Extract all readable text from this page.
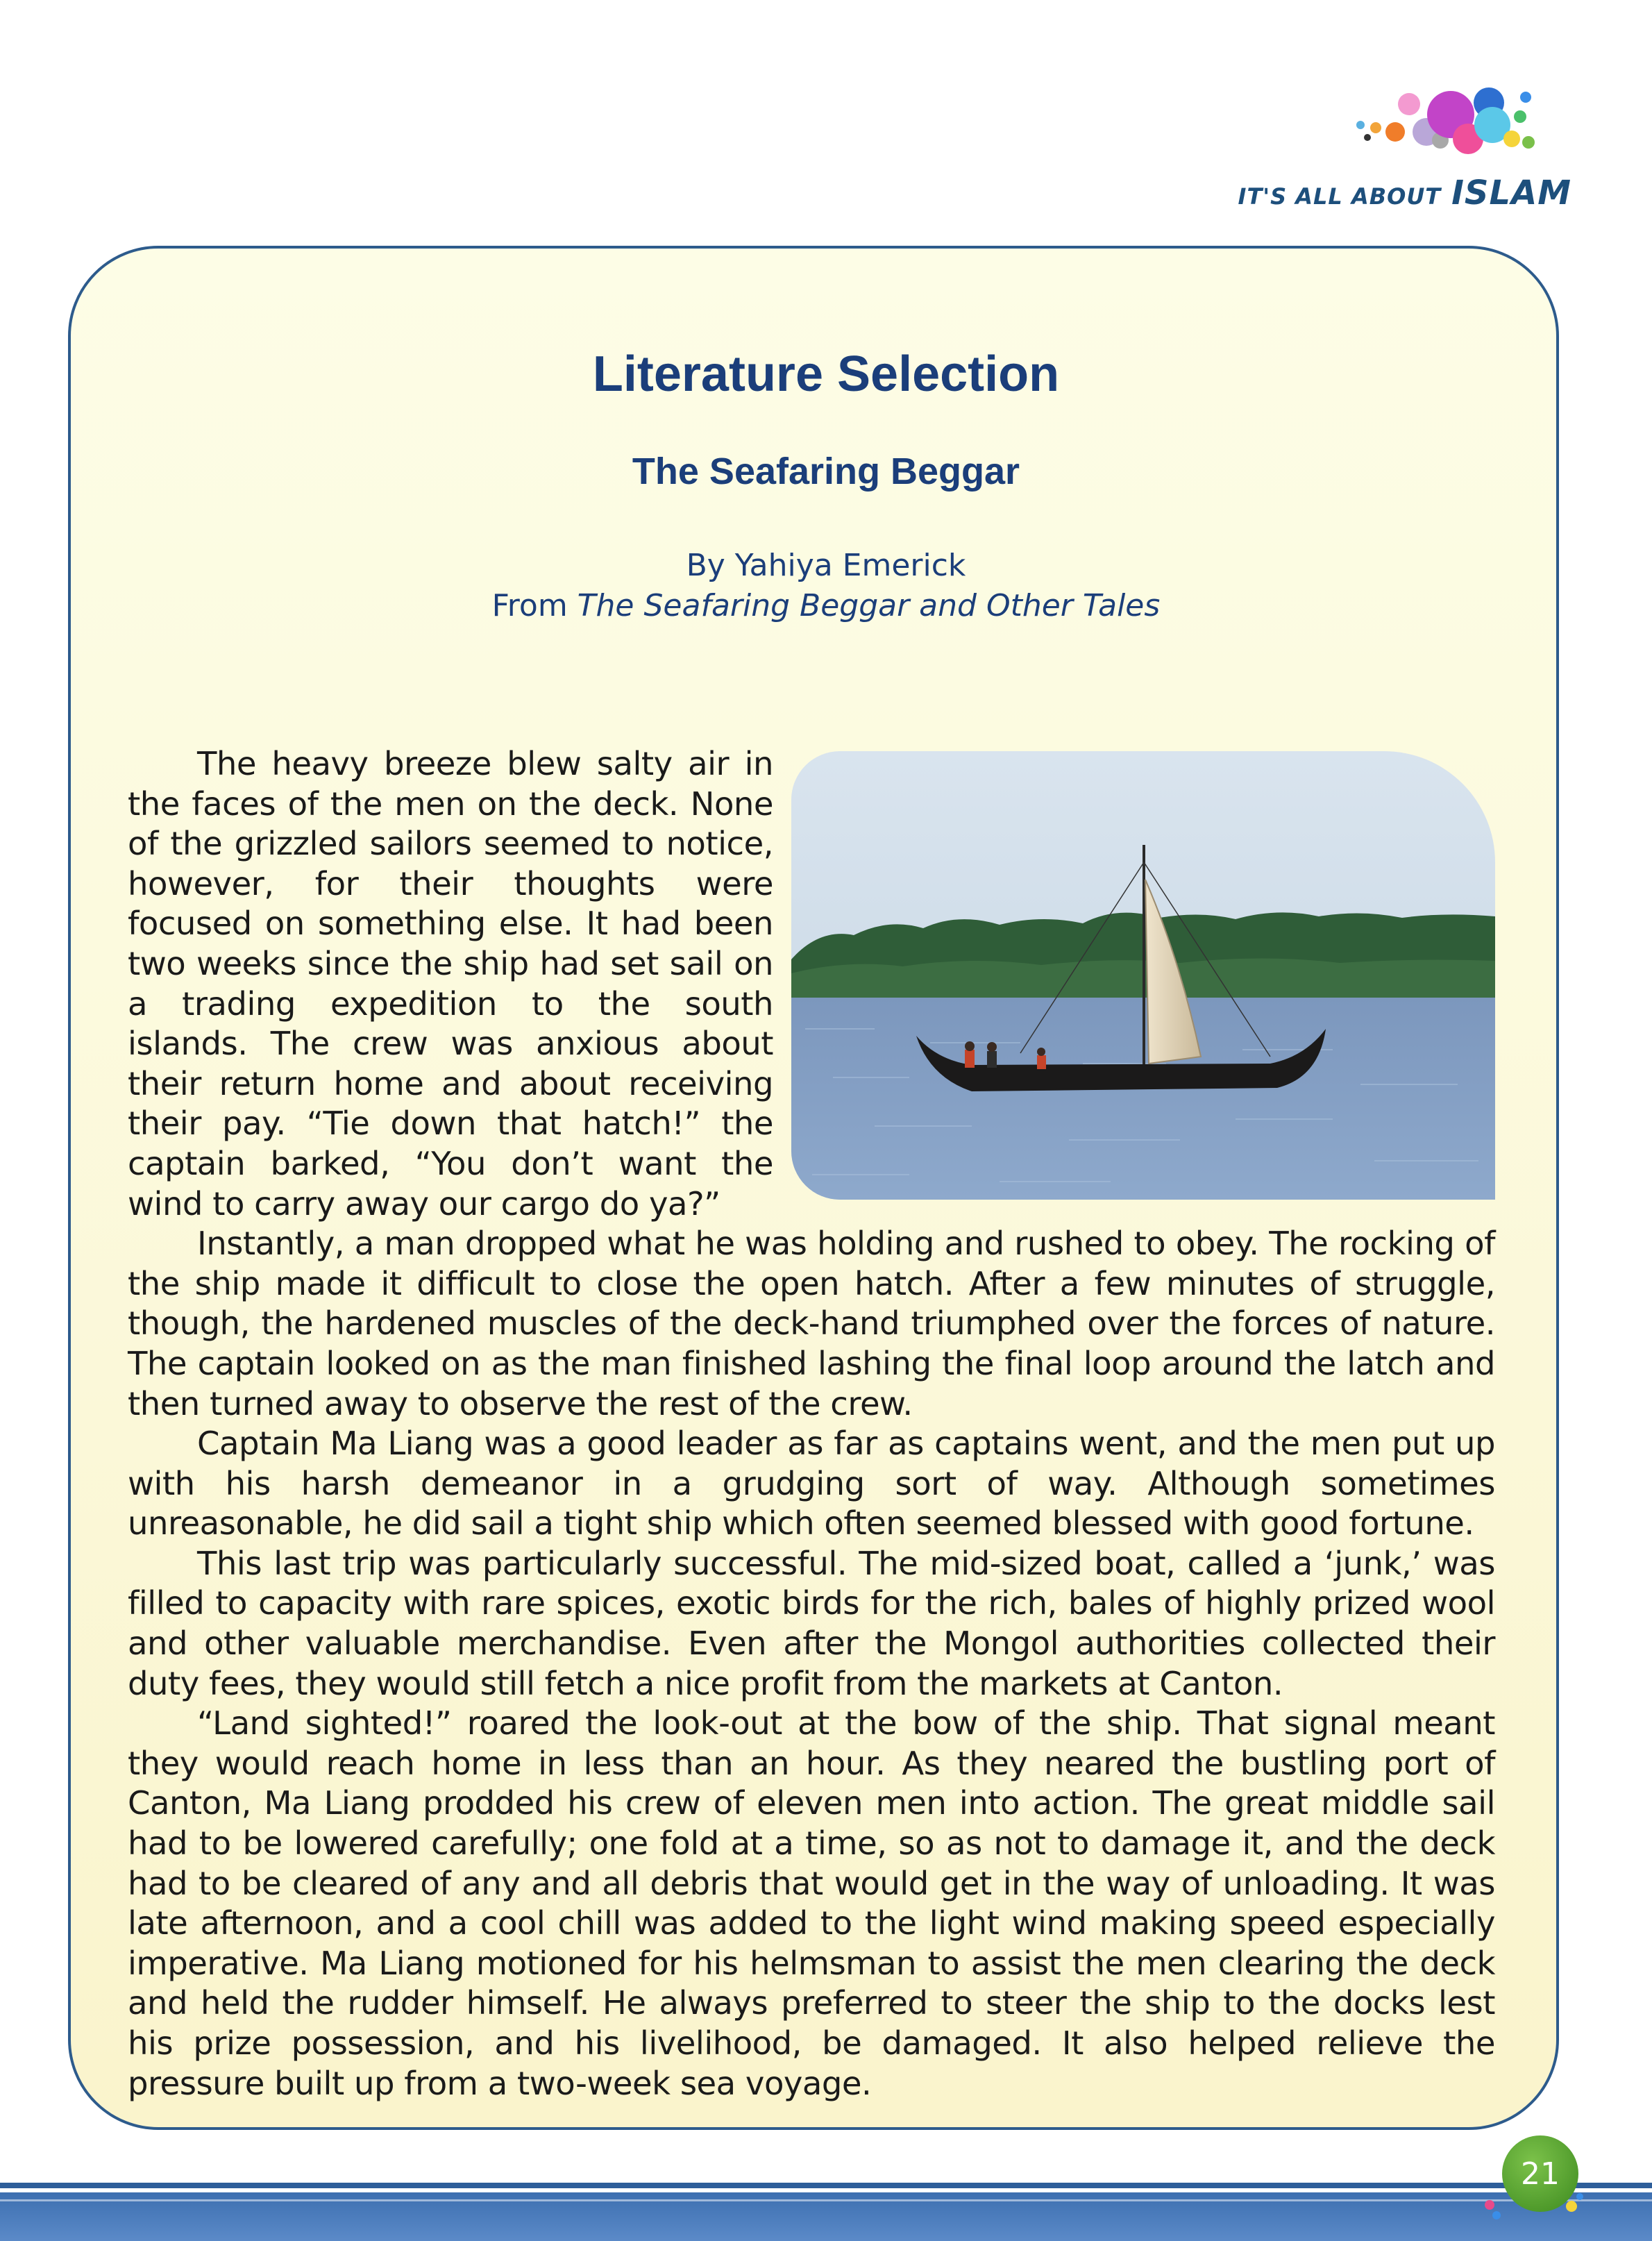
IT'S ALL ABOUT ISLAM
Literature Selection
The Seafaring Beggar
By Yahiya Emerick
From The Seafaring Beggar and Other Tales

The heavy breeze blew salty air in the faces of the men on the deck. None of the grizzled sailors seemed to notice, however, for their thoughts were focused on something else. It had been two weeks since the ship had set sail on a trading expedition to the south islands. The crew was anxious about their return home and about receiving their pay. “Tie down that hatch!” the captain barked, “You don’t want the wind to carry away our cargo do ya?”

Instantly, a man dropped what he was holding and rushed to obey. The rocking of the ship made it difficult to close the open hatch. After a few minutes of struggle, though, the hardened muscles of the deck-hand triumphed over the forces of nature. The captain looked on as the man finished lashing the final loop around the latch and then turned away to observe the rest of the crew.

Captain Ma Liang was a good leader as far as captains went, and the men put up with his harsh demeanor in a grudging sort of way. Although sometimes unreasonable, he did sail a tight ship which often seemed blessed with good fortune.

This last trip was particularly successful. The mid-sized boat, called a ‘junk,’ was filled to capacity with rare spices, exotic birds for the rich, bales of highly prized wool and other valuable merchandise. Even after the Mongol authorities collected their duty fees, they would still fetch a nice profit from the markets at Canton.

“Land sighted!” roared the look-out at the bow of the ship. That signal meant they would reach home in less than an hour. As they neared the bustling port of Canton, Ma Liang prodded his crew of eleven men into action. The great middle sail had to be lowered carefully; one fold at a time, so as not to damage it, and the deck had to be cleared of any and all debris that would get in the way of unloading. It was late afternoon, and a cool chill was added to the light wind making speed especially imperative. Ma Liang motioned for his helmsman to assist the men clearing the deck and held the rudder himself. He always preferred to steer the ship to the docks lest his prize possession, and his livelihood, be damaged. It also helped relieve the pressure built up from a two-week sea voyage.

21
